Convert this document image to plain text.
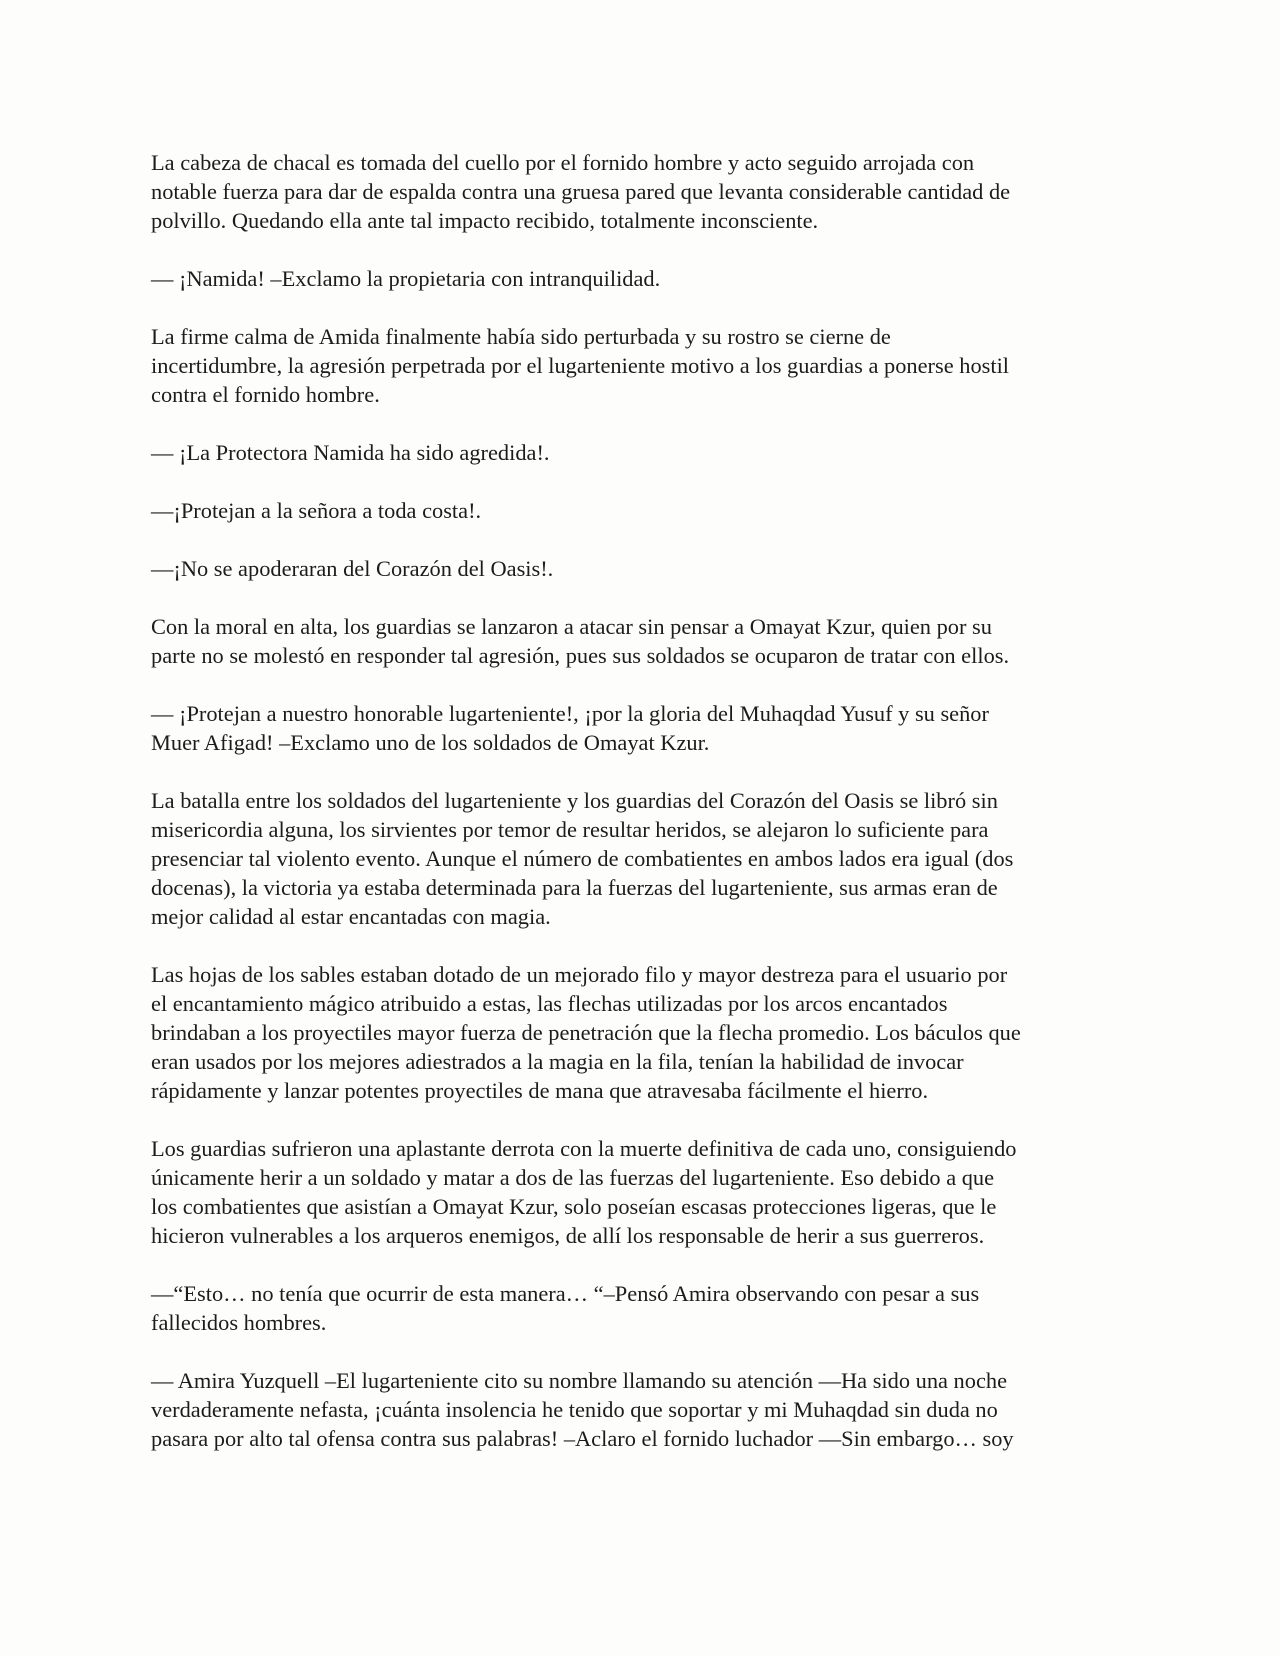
La cabeza de chacal es tomada del cuello por el fornido hombre y acto seguido arrojada con
notable fuerza para dar de espalda contra una gruesa pared que levanta considerable cantidad de
polvillo. Quedando ella ante tal impacto recibido, totalmente inconsciente.

— ¡Namida! –Exclamo la propietaria con intranquilidad.

La firme calma de Amida finalmente había sido perturbada y su rostro se cierne de
incertidumbre, la agresión perpetrada por el lugarteniente motivo a los guardias a ponerse hostil
contra el fornido hombre.

— ¡La Protectora Namida ha sido agredida!.

—¡Protejan a la señora a toda costa!.

—¡No se apoderaran del Corazón del Oasis!.

Con la moral en alta, los guardias se lanzaron a atacar sin pensar a Omayat Kzur, quien por su
parte no se molestó en responder tal agresión, pues sus soldados se ocuparon de tratar con ellos.

— ¡Protejan a nuestro honorable lugarteniente!, ¡por la gloria del Muhaqdad Yusuf y su señor
Muer Afigad! –Exclamo uno de los soldados de Omayat Kzur.

La batalla entre los soldados del lugarteniente y los guardias del Corazón del Oasis se libró sin
misericordia alguna, los sirvientes por temor de resultar heridos, se alejaron lo suficiente para
presenciar tal violento evento. Aunque el número de combatientes en ambos lados era igual (dos
docenas), la victoria ya estaba determinada para la fuerzas del lugarteniente, sus armas eran de
mejor calidad al estar encantadas con magia.

Las hojas de los sables estaban dotado de un mejorado filo y mayor destreza para el usuario por
el encantamiento mágico atribuido a estas, las flechas utilizadas por los arcos encantados
brindaban a los proyectiles mayor fuerza de penetración que la flecha promedio. Los báculos que
eran usados por los mejores adiestrados a la magia en la fila, tenían la habilidad de invocar
rápidamente y lanzar potentes proyectiles de mana que atravesaba fácilmente el hierro.

Los guardias sufrieron una aplastante derrota con la muerte definitiva de cada uno, consiguiendo
únicamente herir a un soldado y matar a dos de las fuerzas del lugarteniente. Eso debido a que
los combatientes que asistían a Omayat Kzur, solo poseían escasas protecciones ligeras, que le
hicieron vulnerables a los arqueros enemigos, de allí los responsable de herir a sus guerreros.

—“Esto… no tenía que ocurrir de esta manera… “–Pensó Amira observando con pesar a sus
fallecidos hombres.

— Amira Yuzquell –El lugarteniente cito su nombre llamando su atención —Ha sido una noche
verdaderamente nefasta, ¡cuánta insolencia he tenido que soportar y mi Muhaqdad sin duda no
pasara por alto tal ofensa contra sus palabras! –Aclaro el fornido luchador —Sin embargo… soy
